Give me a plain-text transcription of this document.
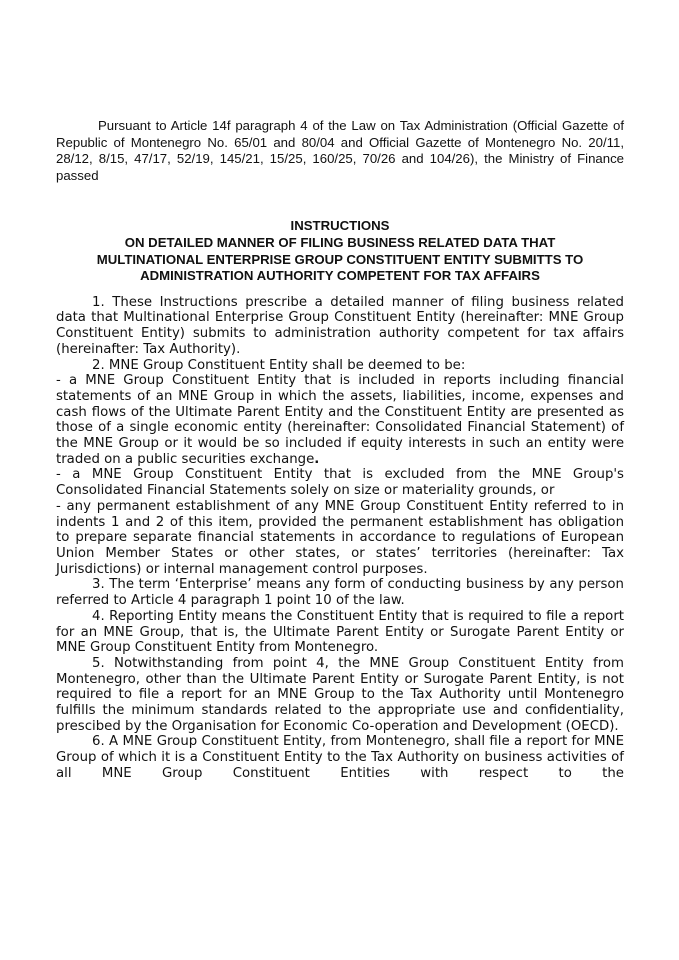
Pursuant to Article 14f paragraph 4 of the Law on Tax Administration (Official Gazette of Republic of Montenegro No. 65/01 and 80/04 and Official Gazette of Montenegro No. 20/11, 28/12, 8/15, 47/17, 52/19, 145/21, 15/25, 160/25, 70/26 and 104/26), the Ministry of Finance passed

INSTRUCTIONS
ON DETAILED MANNER OF FILING BUSINESS RELATED DATA THAT
MULTINATIONAL ENTERPRISE GROUP CONSTITUENT ENTITY SUBMITTS TO
ADMINISTRATION AUTHORITY COMPETENT FOR TAX AFFAIRS

1. These Instructions prescribe a detailed manner of filing business related data that Multinational Enterprise Group Constituent Entity (hereinafter: MNE Group Constituent Entity) submits to administration authority competent for tax affairs (hereinafter: Tax Authority).

2. MNE Group Constituent Entity shall be deemed to be:

- a MNE Group Constituent Entity that is included in reports including financial statements of an MNE Group in which the assets, liabilities, income, expenses and cash flows of the Ultimate Parent Entity and the Constituent Entity are presented as those of a single economic entity (hereinafter: Consolidated Financial Statement) of the MNE Group or it would be so included if equity interests in such an entity were traded on a public securities exchange.

- a MNE Group Constituent Entity that is excluded from the MNE Group's Consolidated Financial Statements solely on size or materiality grounds, or

- any permanent establishment of any MNE Group Constituent Entity referred to in indents 1 and 2 of this item, provided the permanent establishment has obligation to prepare separate financial statements in accordance to regulations of European Union Member States or other states, or states’ territories (hereinafter: Tax Jurisdictions) or internal management control purposes.

3. The term ‘Enterprise’ means any form of conducting business by any person referred to Article 4 paragraph 1 point 10 of the law.

4. Reporting Entity means the Constituent Entity that is required to file a report for an MNE Group, that is, the Ultimate Parent Entity or Surogate Parent Entity or MNE Group Constituent Entity from Montenegro.

5. Notwithstanding from point 4, the MNE Group Constituent Entity from Montenegro, other than the Ultimate Parent Entity or Surogate Parent Entity, is not required to file a report for an MNE Group to the Tax Authority until Montenegro fulfills the minimum standards related to the appropriate use and confidentiality, prescibed by the Organisation for Economic Co-operation and Development (OECD).

6. A MNE Group Constituent Entity, from Montenegro, shall file a report for MNE Group of which it is a Constituent Entity to the Tax Authority on business activities of all MNE Group Constituent Entities with respect to the
